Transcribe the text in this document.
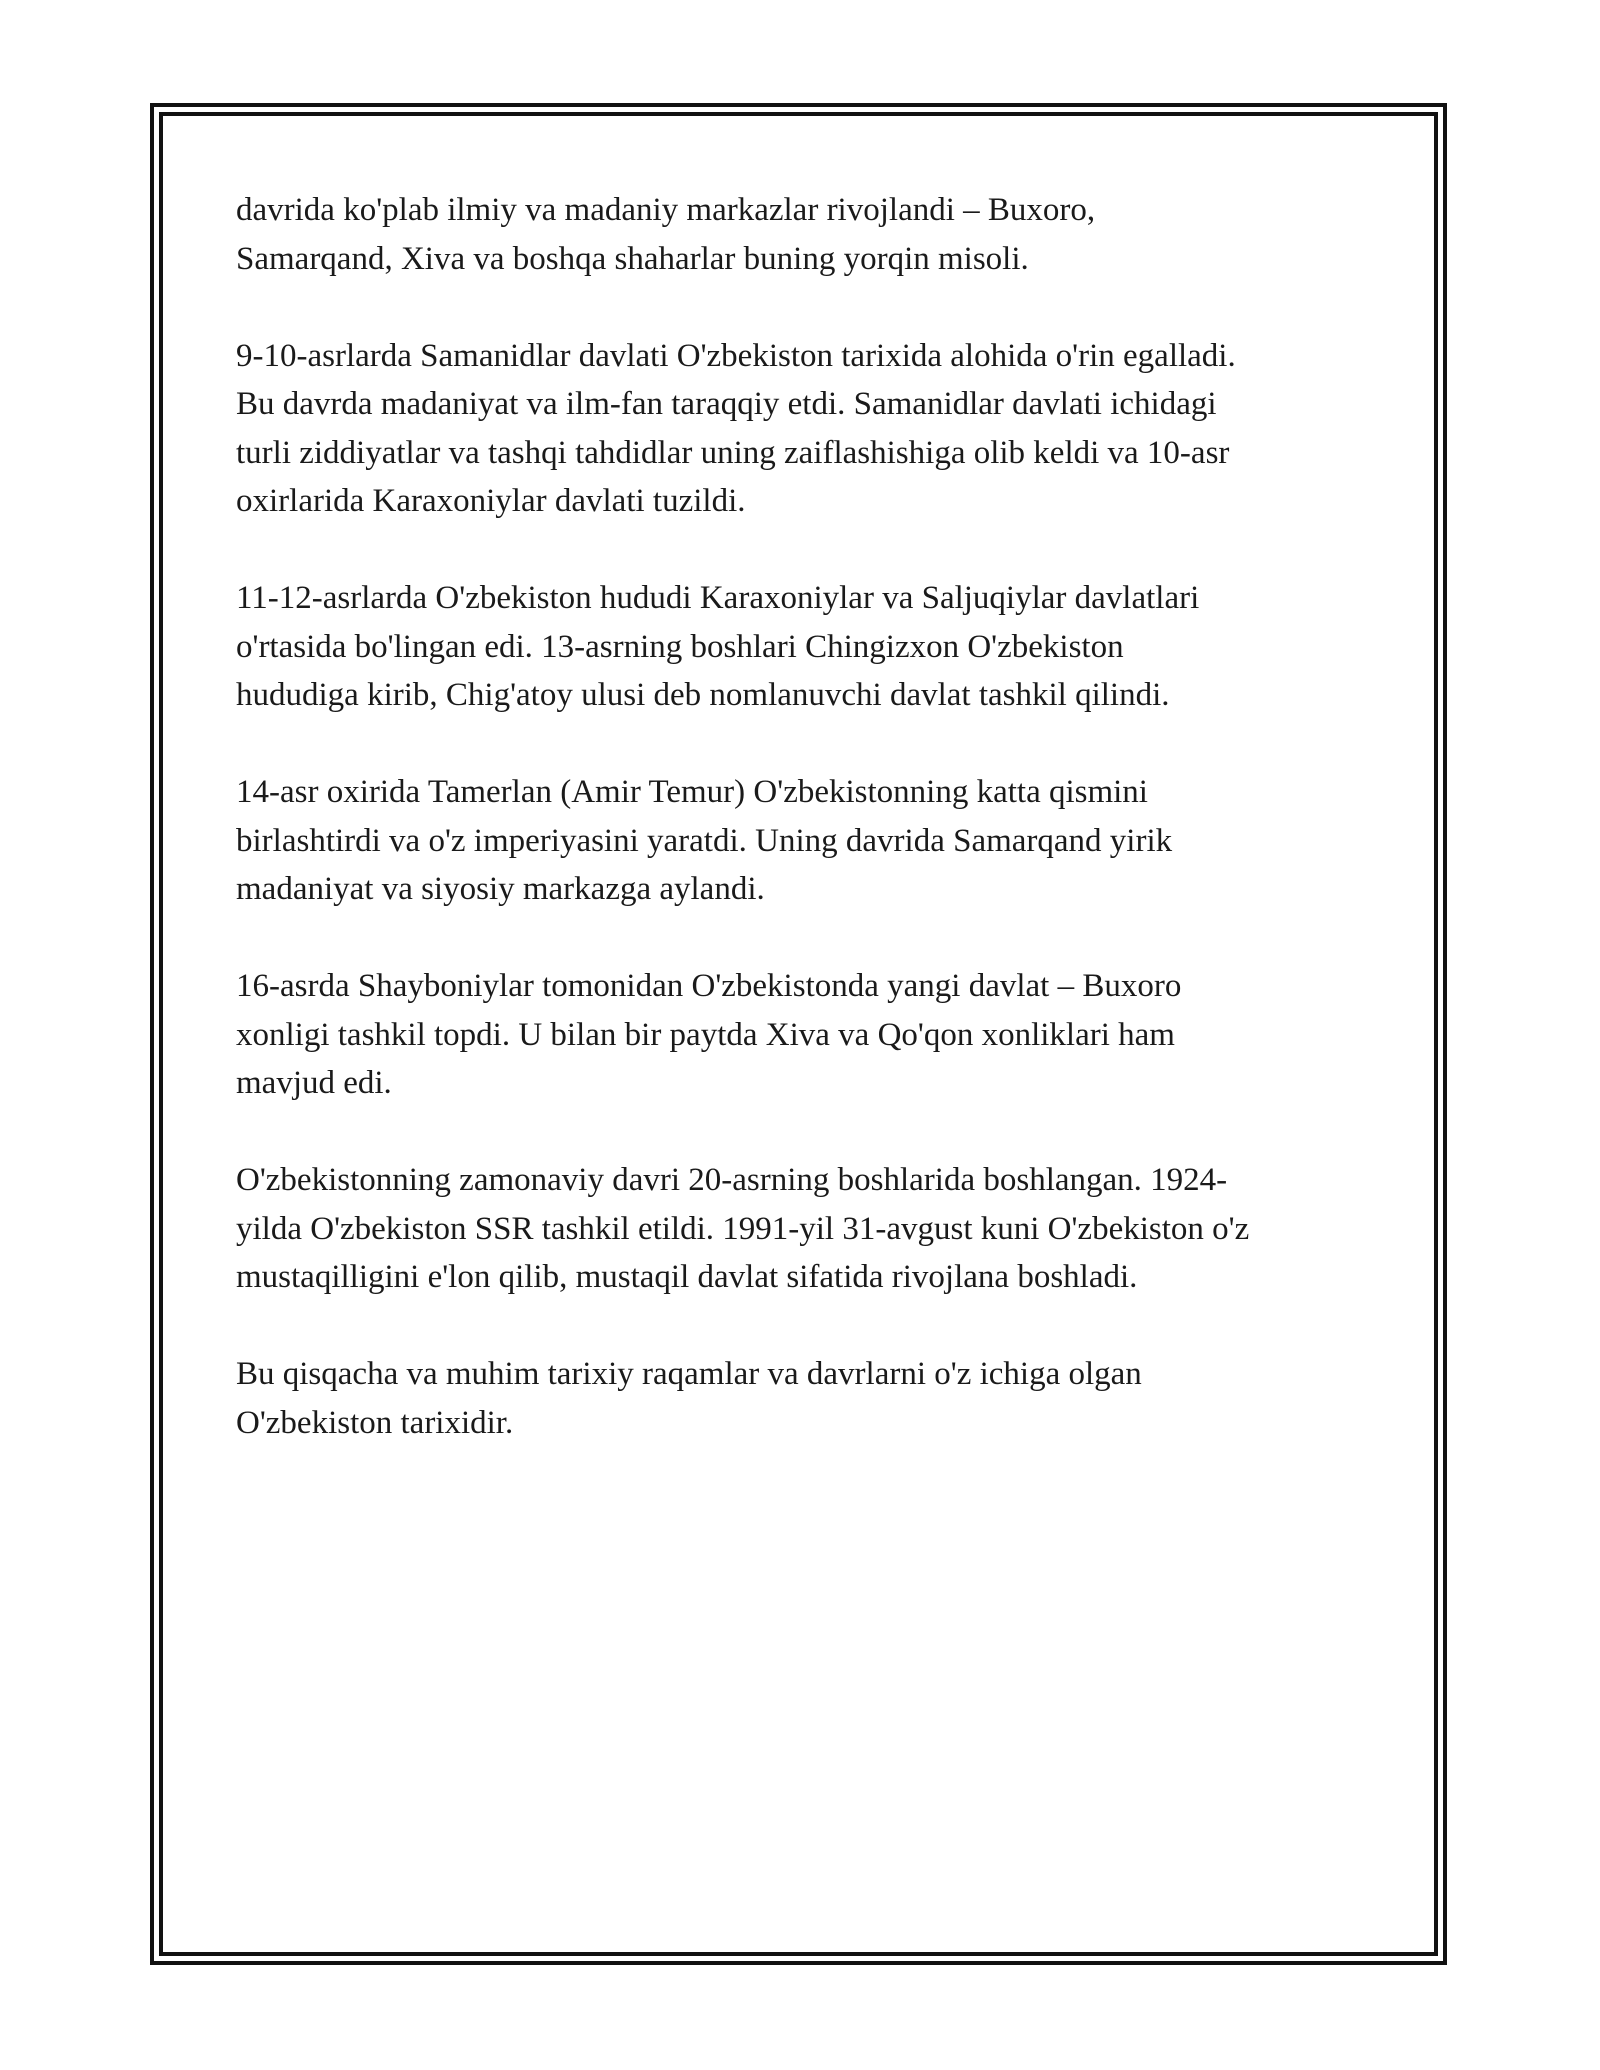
davrida ko'plab ilmiy va madaniy markazlar rivojlandi – Buxoro,
Samarqand, Xiva va boshqa shaharlar buning yorqin misoli.

9-10-asrlarda Samanidlar davlati O'zbekiston tarixida alohida o'rin egalladi.
Bu davrda madaniyat va ilm-fan taraqqiy etdi. Samanidlar davlati ichidagi
turli ziddiyatlar va tashqi tahdidlar uning zaiflashishiga olib keldi va 10-asr
oxirlarida Karaxoniylar davlati tuzildi.

11-12-asrlarda O'zbekiston hududi Karaxoniylar va Saljuqiylar davlatlari
o'rtasida bo'lingan edi. 13-asrning boshlari Chingizxon O'zbekiston
hududiga kirib, Chig'atoy ulusi deb nomlanuvchi davlat tashkil qilindi.

14-asr oxirida Tamerlan (Amir Temur) O'zbekistonning katta qismini
birlashtirdi va o'z imperiyasini yaratdi. Uning davrida Samarqand yirik
madaniyat va siyosiy markazga aylandi.

16-asrda Shayboniylar tomonidan O'zbekistonda yangi davlat – Buxoro
xonligi tashkil topdi. U bilan bir paytda Xiva va Qo'qon xonliklari ham
mavjud edi.

O'zbekistonning zamonaviy davri 20-asrning boshlarida boshlangan. 1924-
yilda O'zbekiston SSR tashkil etildi. 1991-yil 31-avgust kuni O'zbekiston o'z
mustaqilligini e'lon qilib, mustaqil davlat sifatida rivojlana boshladi.

Bu qisqacha va muhim tarixiy raqamlar va davrlarni o'z ichiga olgan
O'zbekiston tarixidir.
